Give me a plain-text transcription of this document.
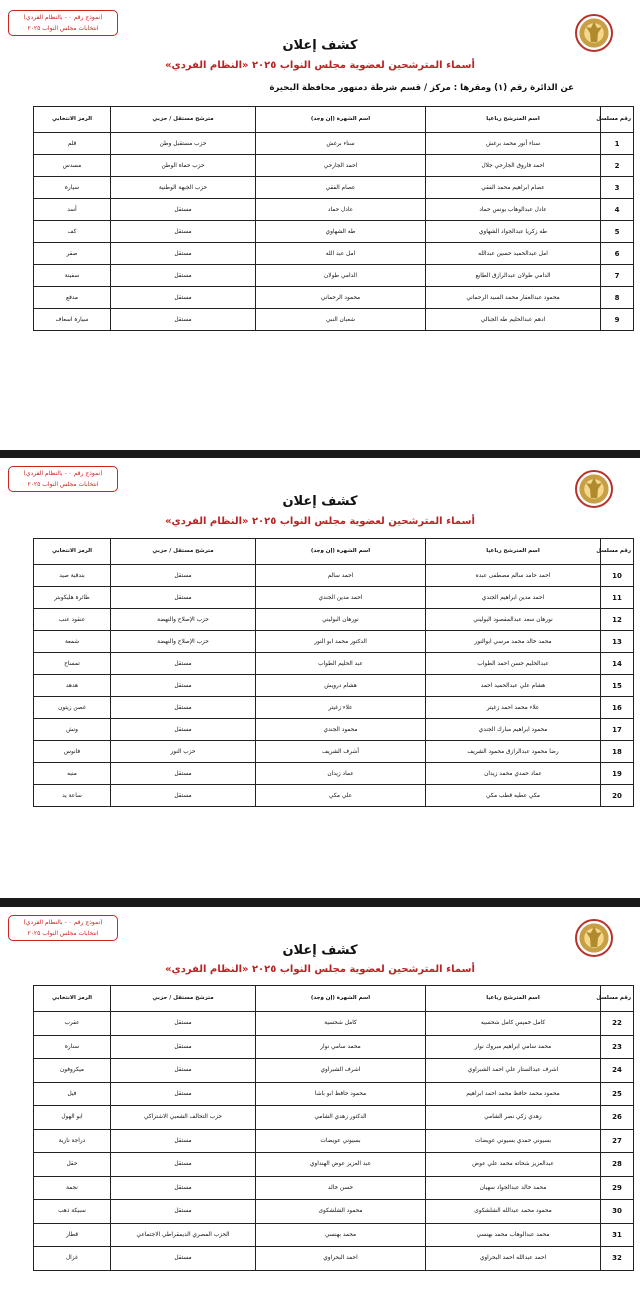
(نموذج رقم ٠ - بالنظام الفردي)
انتخابات مجلس النواب ٢٠٢٥
كشف إعلان
أسماء المترشحين لعضوية مجلس النواب ٢٠٢٥ «النظام الفردي»
عن الدائرة رقم (١) ومقرها : مركز / قسم شرطة دمنهور محافظة البحيرة
رقم مسلسل	اسم المترشح رباعيا	اسم الشهرة (إن وجد)	مترشح مستقل / حزبي	الرمز الانتخابي
1	سناء أنور محمد برغش	سناء برغش	حزب مستقبل وطن	قلم
2	احمد فاروق الجارحي جلال	احمد الجارحي	حزب حماة الوطن	مسدس
3	عصام ابراهيم محمد الفقي	عصام الفقي	حزب الجبهة الوطنية	سيارة
4	عادل عبدالوهاب يونس حماد	عادل حماد	مستقل	أسد
5	طه زكريا عبدالجواد الشهاوي	طه الشهاوي	مستقل	كف
6	امل عبدالحميد حسين عبدالله	امل عبد الله	مستقل	صقر
7	الدامي طولان عبدالرازق الطايع	الدامي طولان	مستقل	سفينة
8	محمود عبدالغفار محمد السيد الرحماني	محمود الرحماني	مستقل	مدفع
9	ادهم عبدالحليم طه الجبالي	شعبان النبي	مستقل	سيارة اسعاف
(نموذج رقم ٠ - بالنظام الفردي)
انتخابات مجلس النواب ٢٠٢٥
كشف إعلان
أسماء المترشحين لعضوية مجلس النواب ٢٠٢٥ «النظام الفردي»
رقم مسلسل	اسم المترشح رباعيا	اسم الشهرة (إن وجد)	مترشح مستقل / حزبي	الرمز الانتخابي
10	احمد حامد سالم مصطفى عبده	احمد سالم	مستقل	بندقية صيد
11	احمد مدين ابراهيم الجندي	احمد مدين الجندي	مستقل	طائرة هليكوبتر
12	نورهان سعد عبدالمقصود البوليني	نورهان البوليني	حزب الإصلاح والنهضة	عنقود عنب
13	محمد خالد محمد مرسي ابوالنور	الدكتور محمد ابو النور	حزب الإصلاح والنهضة	شمعة
14	عبدالحليم حسن احمد الطواب	عبد الحليم الطواب	مستقل	تمساح
15	هشام علي عبدالحميد احمد	هشام درويش	مستقل	هدهد
16	علاء محمد احمد زغيتر	علاء زغيتر	مستقل	غصن زيتون
17	محمود ابراهيم مبارك الجندي	محمود الجندي	مستقل	ونش
18	رضا محمود عبدالرازق محمود الشريف	أشرف الشريف	حزب النور	فانوس
19	عماد حمدي محمد زيدان	عماد زيدان	مستقل	منبه
20	مكي عطيه قطب مكي	علي مكي	مستقل	ساعة يد
(نموذج رقم ٠ - بالنظام الفردي)
انتخابات مجلس النواب ٢٠٢٥
كشف إعلان
أسماء المترشحين لعضوية مجلس النواب ٢٠٢٥ «النظام الفردي»
رقم مسلسل	اسم المترشح رباعيا	اسم الشهرة (إن وجد)	مترشح مستقل / حزبي	الرمز الانتخابي
22	كامل خميس كامل شحسيه	كامل شحسية	مستقل	عقرب
23	محمد سامي ابراهيم مبروك نوار	محمد سامي نوار	مستقل	سنارة
24	اشرف عبدالستار علي احمد الشبراوي	اشرف الشبراوي	مستقل	ميكروفون
25	محمود محمد حافظ محمد احمد ابراهيم	محمود حافظ ابو باشا	مستقل	فيل
26	زهدي زكي نصر الشامي	الدكتور زهدي الشامي	حزب التحالف الشعبي الاشتراكي	ابو الهول
27	بسيوني حمدي بسيوني عويضات	بسيوني عويضات	مستقل	دراجة نارية
28	عبدالعزيز شحاته محمد علي عوض	عبد العزيز عوض الهنداوي	مستقل	حقل
29	محمد خالد عبدالجواد سهيان	حسن خالد	مستقل	نجمة
30	محمود محمد عبدالله الشلشكوى	محمود الشلشكوى	مستقل	سبيكة ذهب
31	محمد عبدالوهاب محمد بهنسي	محمد بهنسي	الحزب المصري الديمقراطي الاجتماعي	قطار
32	احمد عبدالله احمد البحراوي	احمد البحراوي	مستقل	غزال
